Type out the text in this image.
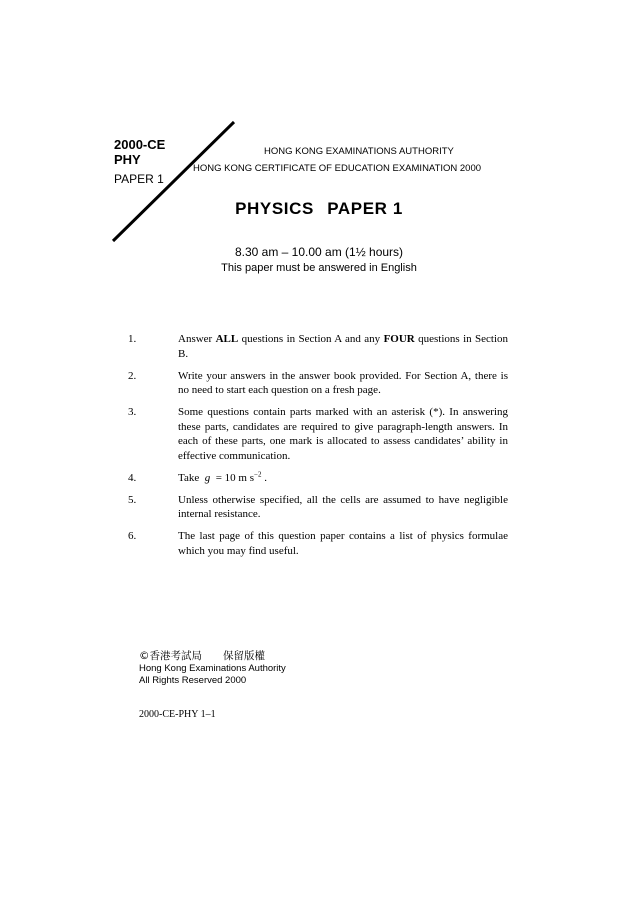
2000-CE
PHY
PAPER 1
HONG KONG EXAMINATIONS AUTHORITY
HONG KONG CERTIFICATE OF EDUCATION EXAMINATION 2000
PHYSICS PAPER 1
8.30 am – 10.00 am (1½ hours)
This paper must be answered in English
1.	Answer ALL questions in Section A and any FOUR questions in Section B.
2.	Write your answers in the answer book provided. For Section A, there is no need to start each question on a fresh page.
3.	Some questions contain parts marked with an asterisk (*). In answering these parts, candidates are required to give paragraph-length answers. In each of these parts, one mark is allocated to assess candidates’ ability in effective communication.
4.	Take g = 10 m $s^{-2}$ .
5.	Unless otherwise specified, all the cells are assumed to have negligible internal resistance.
6.	The last page of this question paper contains a list of physics formulae which you may find useful.
©香港考試局　　保留版權
Hong Kong Examinations Authority
All Rights Reserved 2000
2000-CE-PHY 1–1
